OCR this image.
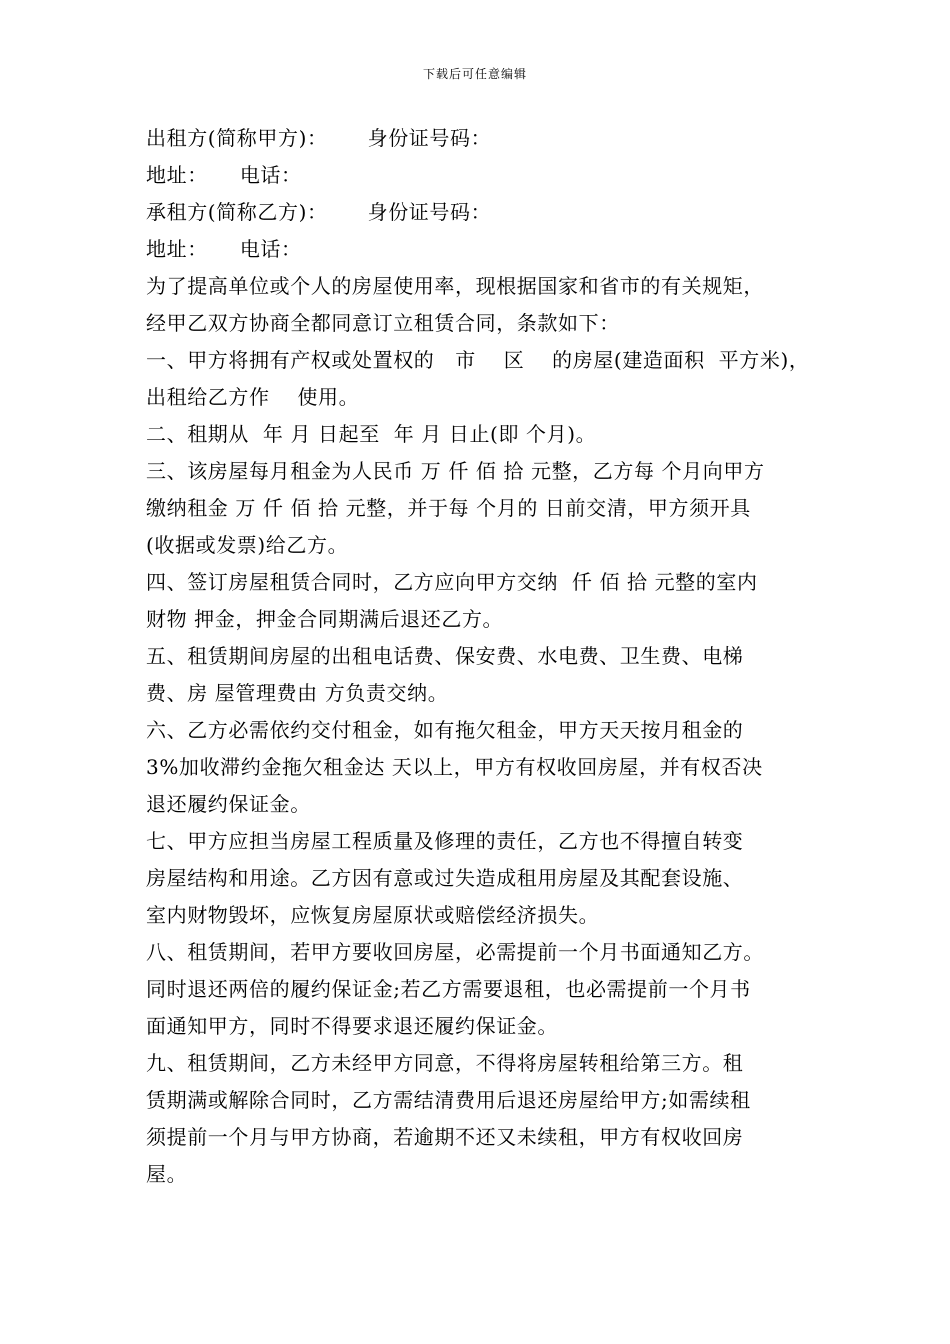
下载后可任意编辑
出租方(简称甲方)： 身份证号码：
地址： 电话：
承租方(简称乙方)： 身份证号码：
地址： 电话：
为了提高单位或个人的房屋使用率，现根据国家和省市的有关规矩，
经甲乙双方协商全都同意订立租赁合同，条款如下：
一、甲方将拥有产权或处置权的   市    区    的房屋(建造面积  平方米)，
出租给乙方作    使用。
二、租期从  年 月 日起至  年 月 日止(即 个月)。
三、该房屋每月租金为人民币 万 仟 佰 拾 元整，乙方每 个月向甲方
缴纳租金 万 仟 佰 拾 元整，并于每 个月的 日前交清，甲方须开具
(收据或发票)给乙方。
四、签订房屋租赁合同时，乙方应向甲方交纳  仟 佰 拾 元整的室内
财物 押金，押金合同期满后退还乙方。
五、租赁期间房屋的出租电话费、保安费、水电费、卫生费、电梯
费、房 屋管理费由 方负责交纳。
六、乙方必需依约交付租金，如有拖欠租金，甲方天天按月租金的
3%加收滞约金拖欠租金达 天以上，甲方有权收回房屋，并有权否决
退还履约保证金。
七、甲方应担当房屋工程质量及修理的责任，乙方也不得擅自转变
房屋结构和用途。乙方因有意或过失造成租用房屋及其配套设施、
室内财物毁坏，应恢复房屋原状或赔偿经济损失。
八、租赁期间，若甲方要收回房屋，必需提前一个月书面通知乙方。
同时退还两倍的履约保证金;若乙方需要退租，也必需提前一个月书
面通知甲方，同时不得要求退还履约保证金。
九、租赁期间，乙方未经甲方同意，不得将房屋转租给第三方。租
赁期满或解除合同时，乙方需结清费用后退还房屋给甲方;如需续租
须提前一个月与甲方协商，若逾期不还又未续租，甲方有权收回房
屋。
